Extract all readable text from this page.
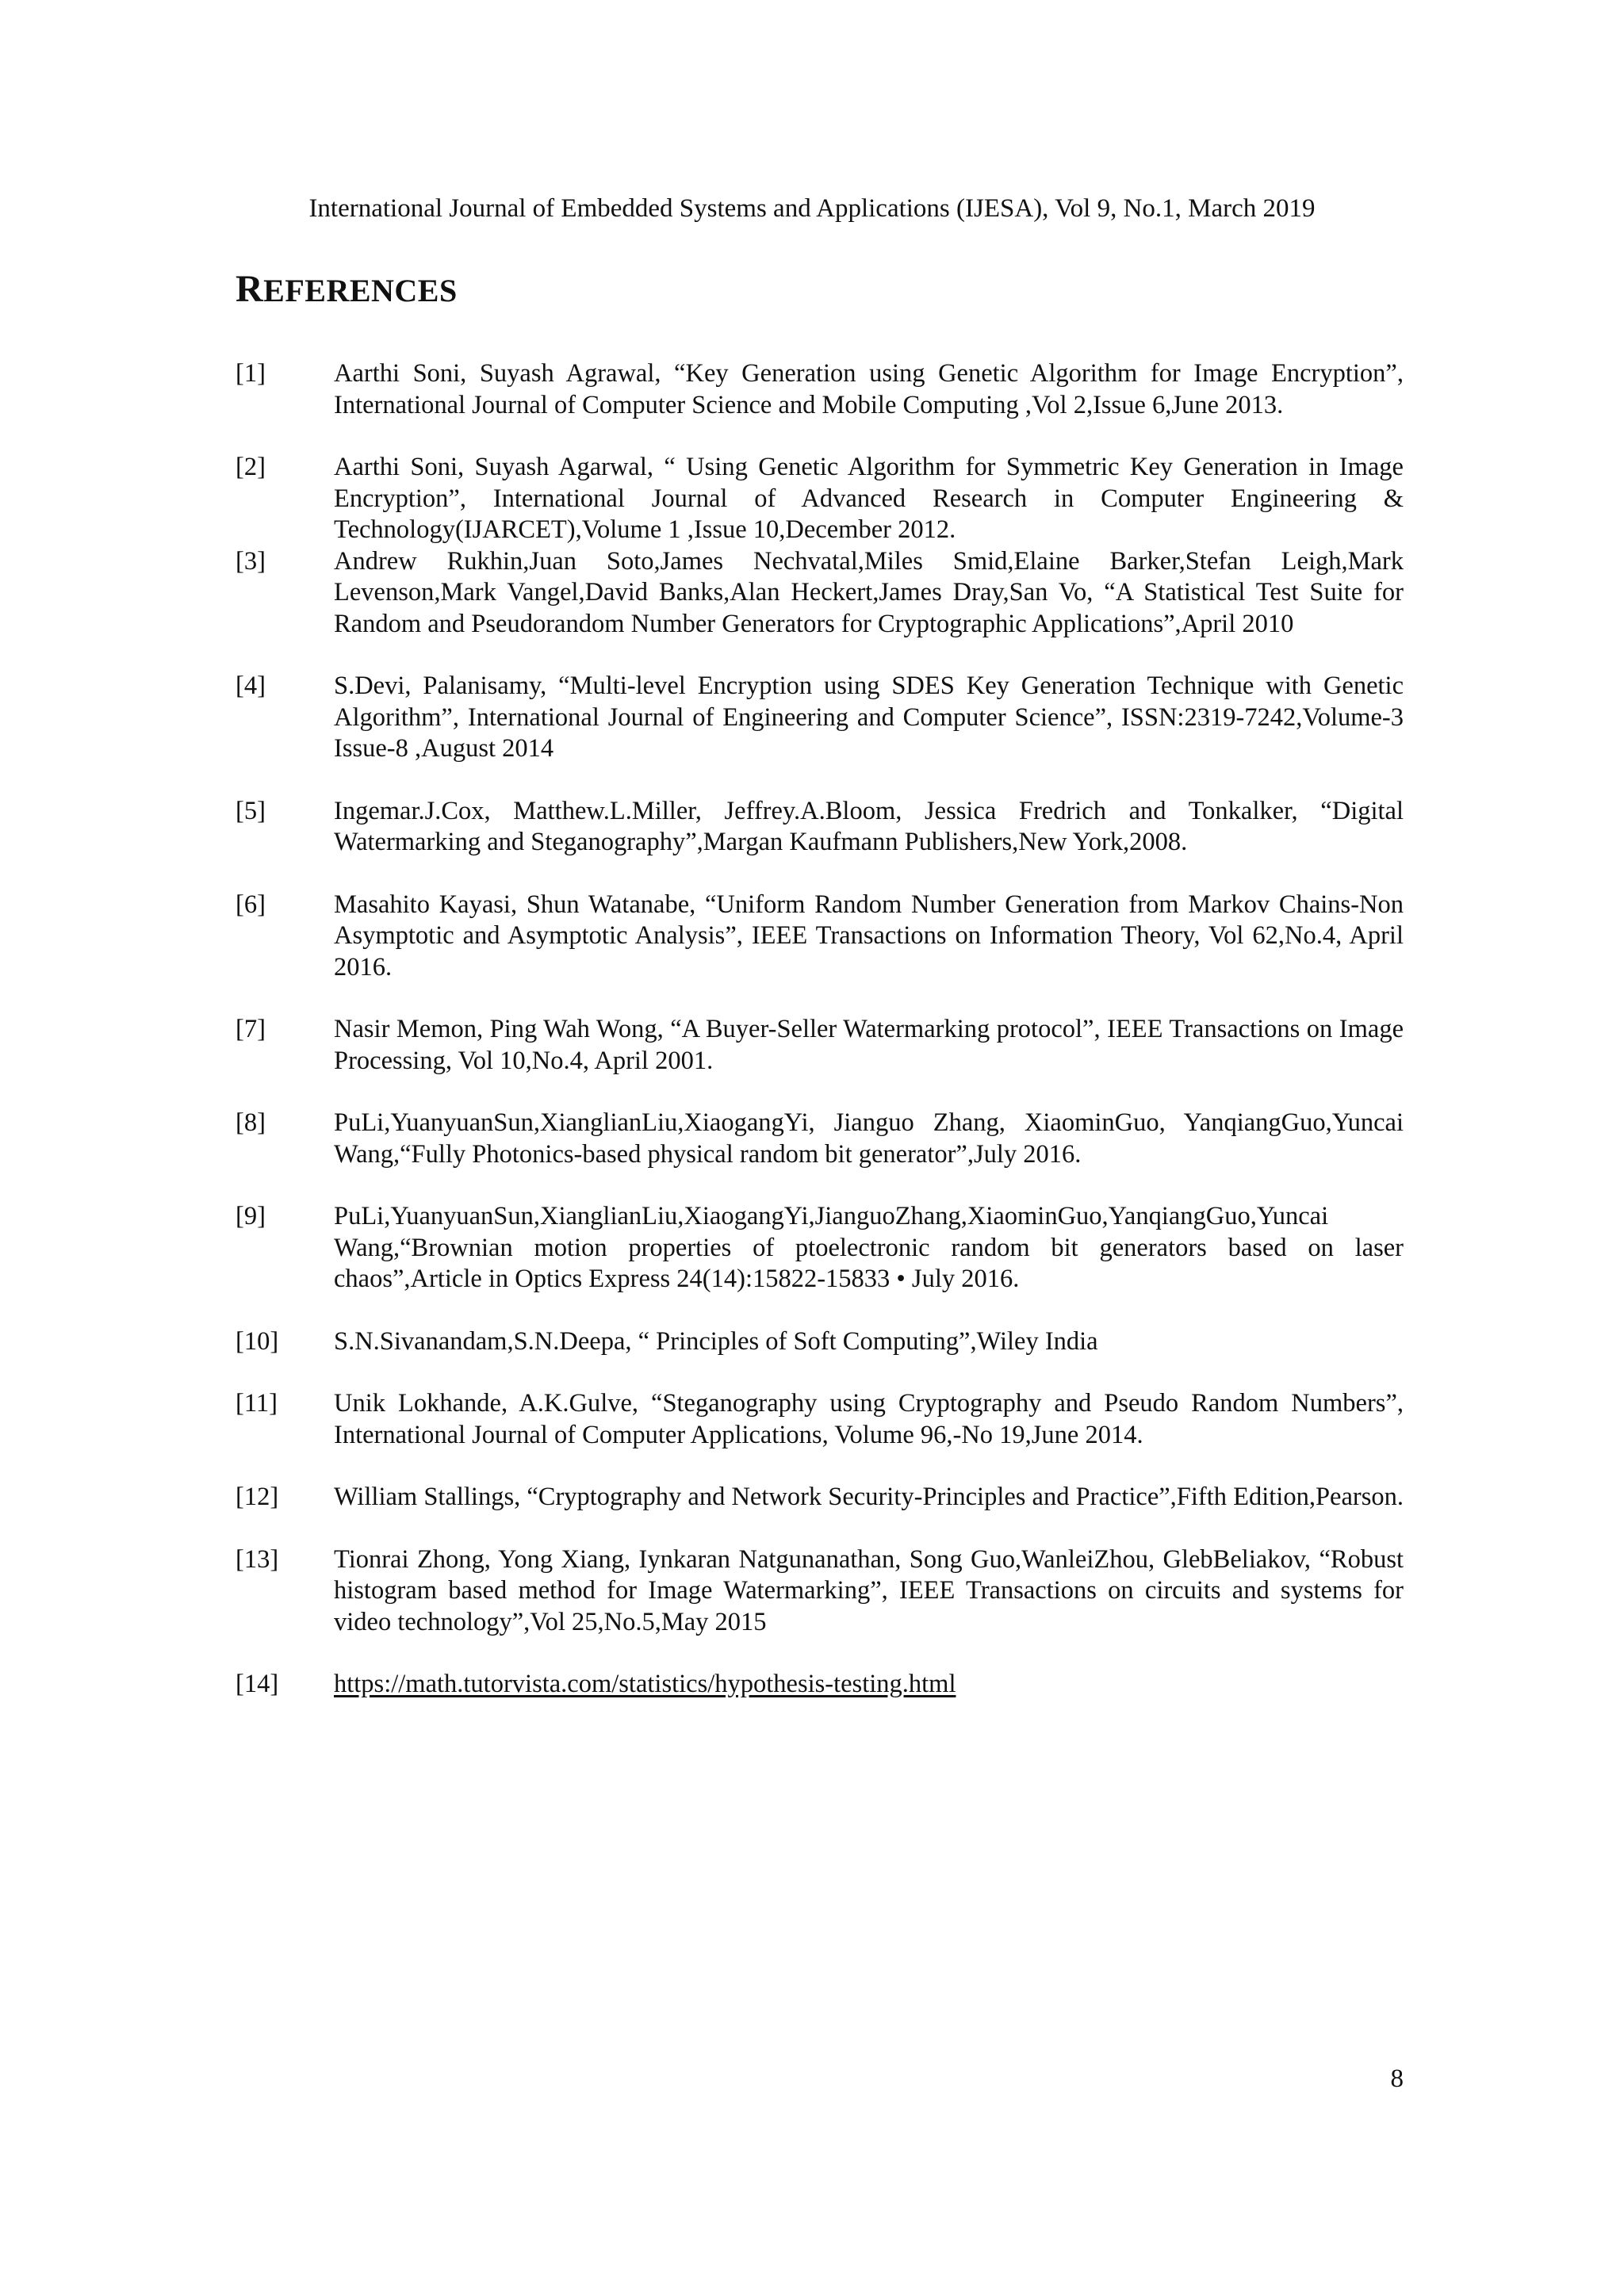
International Journal of Embedded Systems and Applications (IJESA), Vol 9, No.1, March 2019
REFERENCES
[1]	Aarthi Soni, Suyash Agrawal, “Key Generation using Genetic Algorithm for Image Encryption”, International Journal of Computer Science and Mobile Computing ,Vol 2,Issue 6,June 2013.
[2]	Aarthi Soni, Suyash Agarwal, “ Using Genetic Algorithm for Symmetric Key Generation in Image Encryption”, International Journal of Advanced Research in Computer Engineering & Technology(IJARCET),Volume 1 ,Issue 10,December 2012.
[3]	Andrew Rukhin,Juan Soto,James Nechvatal,Miles Smid,Elaine Barker,Stefan Leigh,Mark Levenson,Mark Vangel,David Banks,Alan Heckert,James Dray,San Vo, “A Statistical Test Suite for Random and Pseudorandom Number Generators for Cryptographic Applications”,April 2010
[4]	S.Devi, Palanisamy, “Multi-level Encryption using SDES Key Generation Technique with Genetic Algorithm”, International Journal of Engineering and Computer Science”, ISSN:2319-7242,Volume-3 Issue-8 ,August 2014
[5]	Ingemar.J.Cox, Matthew.L.Miller, Jeffrey.A.Bloom, Jessica Fredrich and Tonkalker, “Digital Watermarking and Steganography”,Margan Kaufmann Publishers,New York,2008.
[6]	Masahito Kayasi, Shun Watanabe, “Uniform Random Number Generation from Markov Chains-Non Asymptotic and Asymptotic Analysis”, IEEE Transactions on Information Theory, Vol 62,No.4, April 2016.
[7]	Nasir Memon, Ping Wah Wong, “A Buyer-Seller Watermarking protocol”, IEEE Transactions on Image Processing, Vol 10,No.4, April 2001.
[8]	PuLi,YuanyuanSun,XianglianLiu,XiaogangYi, Jianguo Zhang, XiaominGuo, YanqiangGuo,Yuncai Wang,“Fully Photonics-based physical random bit generator”,July 2016.
[9]	PuLi,YuanyuanSun,XianglianLiu,XiaogangYi,JianguoZhang,XiaominGuo,YanqiangGuo,Yuncai Wang,“Brownian motion properties of ptoelectronic random bit generators based on laser chaos”,Article in Optics Express 24(14):15822-15833 • July 2016.
[10]	S.N.Sivanandam,S.N.Deepa, “ Principles of Soft Computing”,Wiley India
[11]	Unik Lokhande, A.K.Gulve, “Steganography using Cryptography and Pseudo Random Numbers”, International Journal of Computer Applications, Volume 96,-No 19,June 2014.
[12]	William Stallings, “Cryptography and Network Security-Principles and Practice”,Fifth Edition,Pearson.
[13]	Tionrai Zhong, Yong Xiang, Iynkaran Natgunanathan, Song Guo,WanleiZhou, GlebBeliakov, “Robust histogram based method for Image Watermarking”, IEEE Transactions on circuits and systems for video technology”,Vol 25,No.5,May 2015
[14]	https://math.tutorvista.com/statistics/hypothesis-testing.html
8
